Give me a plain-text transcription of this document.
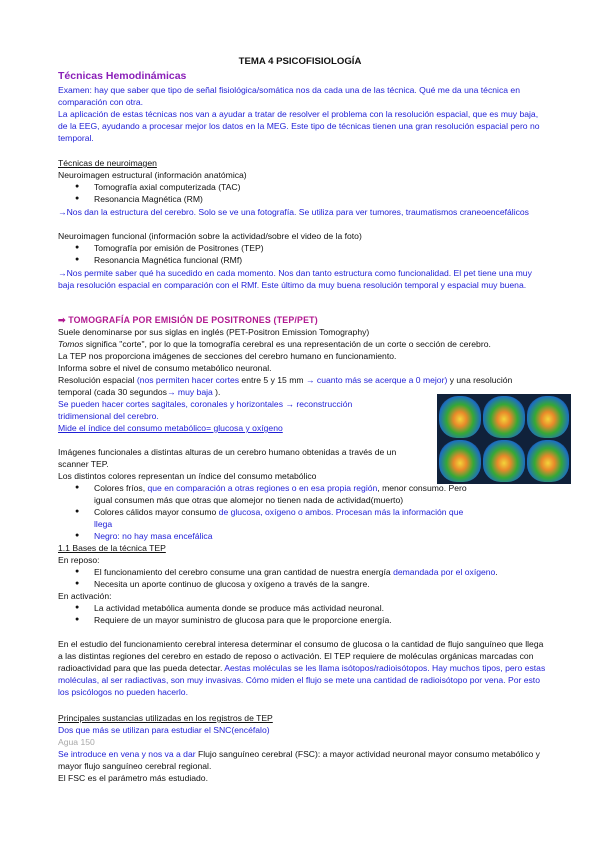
TEMA 4 PSICOFISIOLOGÍA
Técnicas Hemodinámicas

Examen: hay que saber que tipo de señal fisiológica/somática nos da cada una de las técnica. Qué me da una técnica en comparación con otra.

La aplicación de estas técnicas nos van a ayudar a tratar de resolver el problema con la resolución espacial, que es muy baja, de la EEG, ayudando a procesar mejor los datos en la MEG. Este tipo de técnicas tienen una gran resolución espacial pero no temporal.

Técnicas de neuroimagen
Neuroimagen estructural (información anatómica)
● Tomografía axial computerizada (TAC)
● Resonancia Magnética (RM)

→Nos dan la estructura del cerebro. Solo se ve una fotografía. Se utiliza para ver tumores, traumatismos craneoencefálicos

Neuroimagen funcional (información sobre la actividad/sobre el video de la foto)
● Tomografía por emisión de Positrones (TEP)
● Resonancia Magnética funcional (RMf)

→Nos permite saber qué ha sucedido en cada momento. Nos dan tanto estructura como funcionalidad. El pet tiene una muy baja resolución espacial en comparación con el RMf. Este último da muy buena resolución temporal y espacial muy buena.

➡ TOMOGRAFÍA POR EMISIÓN DE POSITRONES (TEP/PET)
Suele denominarse por sus siglas en inglés (PET-Positron Emission Tomography)
Tomos significa "corte", por lo que la tomografía cerebral es una representación de un corte o sección de cerebro.
La TEP nos proporciona imágenes de secciones del cerebro humano en funcionamiento.
Informa sobre el nivel de consumo metabólico neuronal.

Resolución espacial (nos permiten hacer cortes entre 5 y 15 mm → cuanto más se acerque a 0 mejor) y una resolución temporal (cada 30 segundos→ muy baja ).

Se pueden hacer cortes sagitales, coronales y horizontales → reconstrucción tridimensional del cerebro.

Mide el índice del consumo metabólico= glucosa y oxígeno

Imágenes funcionales a distintas alturas de un cerebro humano obtenidas a través de un scanner TEP.

Los distintos colores representan un índice del consumo metabólico
● Colores fríos, que en comparación a otras regiones o en esa propia región, menor consumo. Pero igual consumen más que otras que alomejor no tienen nada de actividad(muerto)
● Colores cálidos mayor consumo de glucosa, oxígeno o ambos. Procesan más la información que llega
● Negro: no hay masa encefálica
1.1 Bases de la técnica TEP
En reposo:
● El funcionamiento del cerebro consume una gran cantidad de nuestra energía demandada por el oxígeno.
● Necesita un aporte continuo de glucosa y oxígeno a través de la sangre.
En activación:
● La actividad metabólica aumenta donde se produce más actividad neuronal.
● Requiere de un mayor suministro de glucosa para que le proporcione energía.

En el estudio del funcionamiento cerebral interesa determinar el consumo de glucosa o la cantidad de flujo sanguíneo que llega a las distintas regiones del cerebro en estado de reposo o activación. El TEP requiere de moléculas orgánicas marcadas con radioactividad para que las pueda detectar. Aestas moléculas se les llama isótopos/radioisótopos. Hay muchos tipos, pero estas moléculas, al ser radiactivas, son muy invasivas. Cómo miden el flujo se mete una cantidad de radioisótopo por vena. Por esto los psicólogos no pueden hacerlo.

Principales sustancias utilizadas en los registros de TEP
Dos que más se utilizan para estudiar el SNC(encéfalo)
Agua 150

Se introduce en vena y nos va a dar Flujo sanguíneo cerebral (FSC): a mayor actividad neuronal mayor consumo metabólico y mayor flujo sanguíneo cerebral regional.

El FSC es el parámetro más estudiado.
